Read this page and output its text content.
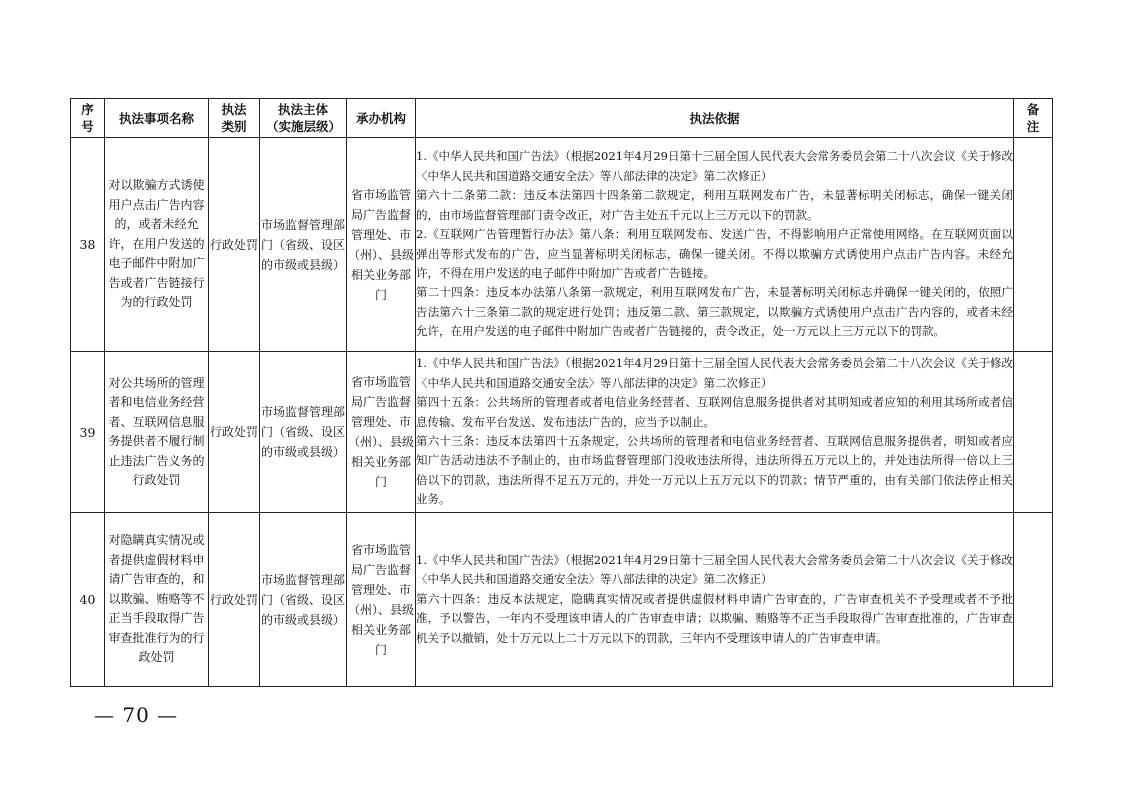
序号	执法事项名称	执法类别	执法主体（实施层级）	承办机构	执法依据	备注
38	对以欺骗方式诱使用户点击广告内容的，或者未经允许，在用户发送的电子邮件中附加广告或者广告链接行为的行政处罚	行政处罚	市场监督管理部门（省级、设区的市级或县级）	省市场监管局广告监督管理处、市（州）、县级相关业务部门	1.《中华人民共和国广告法》（根据2021年4月29日第十三届全国人民代表大会常务委员会第二十八次会议《关于修改〈中华人民共和国道路交通安全法〉等八部法律的决定》第二次修正）

第六十二条第二款：违反本法第四十四条第二款规定，利用互联网发布广告，未显著标明关闭标志，确保一键关闭的，由市场监督管理部门责令改正，对广告主处五千元以上三万元以下的罚款。

2.《互联网广告管理暂行办法》第八条：利用互联网发布、发送广告，不得影响用户正常使用网络。在互联网页面以弹出等形式发布的广告，应当显著标明关闭标志，确保一键关闭。不得以欺骗方式诱使用户点击广告内容。未经允许，不得在用户发送的电子邮件中附加广告或者广告链接。

第二十四条：违反本办法第八条第一款规定，利用互联网发布广告，未显著标明关闭标志并确保一键关闭的，依照广告法第六十三条第二款的规定进行处罚；违反第二款、第三款规定，以欺骗方式诱使用户点击广告内容的，或者未经允许，在用户发送的电子邮件中附加广告或者广告链接的，责令改正，处一万元以上三万元以下的罚款。	

39	对公共场所的管理者和电信业务经营者、互联网信息服务提供者不履行制止违法广告义务的行政处罚	行政处罚	市场监督管理部门（省级、设区的市级或县级）	省市场监管局广告监督管理处、市（州）、县级相关业务部门	1.《中华人民共和国广告法》（根据2021年4月29日第十三届全国人民代表大会常务委员会第二十八次会议《关于修改〈中华人民共和国道路交通安全法〉等八部法律的决定》第二次修正）

第四十五条：公共场所的管理者或者电信业务经营者、互联网信息服务提供者对其明知或者应知的利用其场所或者信息传输、发布平台发送、发布违法广告的，应当予以制止。

第六十三条：违反本法第四十五条规定，公共场所的管理者和电信业务经营者、互联网信息服务提供者，明知或者应知广告活动违法不予制止的，由市场监督管理部门没收违法所得，违法所得五万元以上的，并处违法所得一倍以上三倍以下的罚款，违法所得不足五万元的，并处一万元以上五万元以下的罚款；情节严重的，由有关部门依法停止相关业务。	

40	对隐瞒真实情况或者提供虚假材料申请广告审查的，和以欺骗、贿赂等不正当手段取得广告审查批准行为的行政处罚	行政处罚	市场监督管理部门（省级、设区的市级或县级）	省市场监管局广告监督管理处、市（州）、县级相关业务部门	1.《中华人民共和国广告法》（根据2021年4月29日第十三届全国人民代表大会常务委员会第二十八次会议《关于修改〈中华人民共和国道路交通安全法〉等八部法律的决定》第二次修正）

第六十四条：违反本法规定，隐瞒真实情况或者提供虚假材料申请广告审查的，广告审查机关不予受理或者不予批准，予以警告，一年内不受理该申请人的广告审查申请；以欺骗、贿赂等不正当手段取得广告审查批准的，广告审查机关予以撤销，处十万元以上二十万元以下的罚款，三年内不受理该申请人的广告审查申请。	

— 70 —
